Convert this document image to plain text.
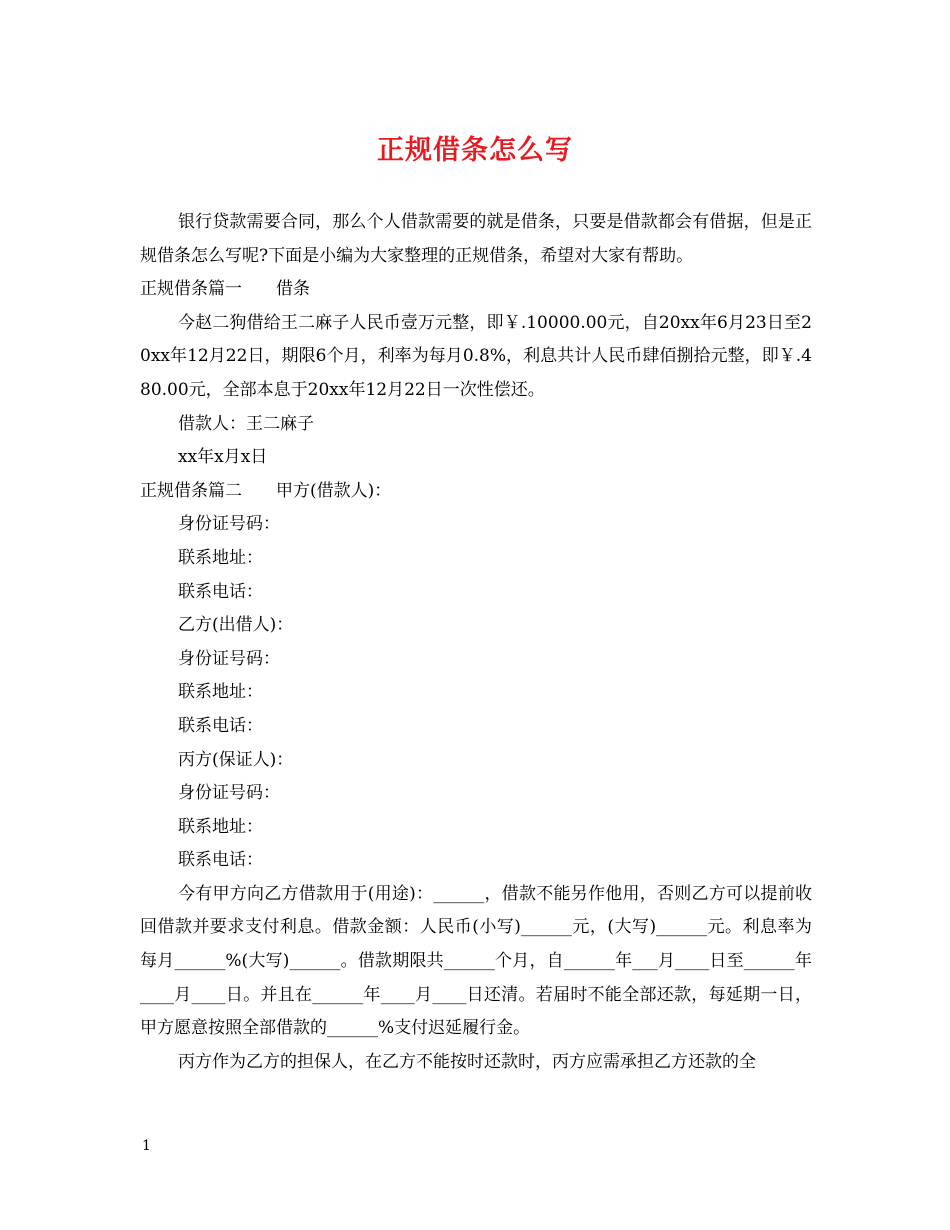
正规借条怎么写

银行贷款需要合同，那么个人借款需要的就是借条，只要是借款都会有借据，但是正规借条怎么写呢?下面是小编为大家整理的正规借条，希望对大家有帮助。

正规借条篇一　　借条

今赵二狗借给王二麻子人民币壹万元整，即￥.10000.00元，自20xx年6月23日至20xx年12月22日，期限6个月，利率为每月0.8%，利息共计人民币肆佰捌拾元整，即￥.480.00元，全部本息于20xx年12月22日一次性偿还。

借款人：王二麻子

xx年x月x日

正规借条篇二　　甲方(借款人)：

身份证号码：

联系地址：

联系电话：

乙方(出借人)：

身份证号码：

联系地址：

联系电话：

丙方(保证人)：

身份证号码：

联系地址：

联系电话：

今有甲方向乙方借款用于(用途)：______，借款不能另作他用，否则乙方可以提前收回借款并要求支付利息。借款金额：人民币(小写)______元，(大写)______元。利息率为每月______%(大写)______。借款期限共______个月，自______年___月____日至______年____月____日。并且在______年____月____日还清。若届时不能全部还款，每延期一日，甲方愿意按照全部借款的______%支付迟延履行金。

丙方作为乙方的担保人，在乙方不能按时还款时，丙方应需承担乙方还款的全

1
